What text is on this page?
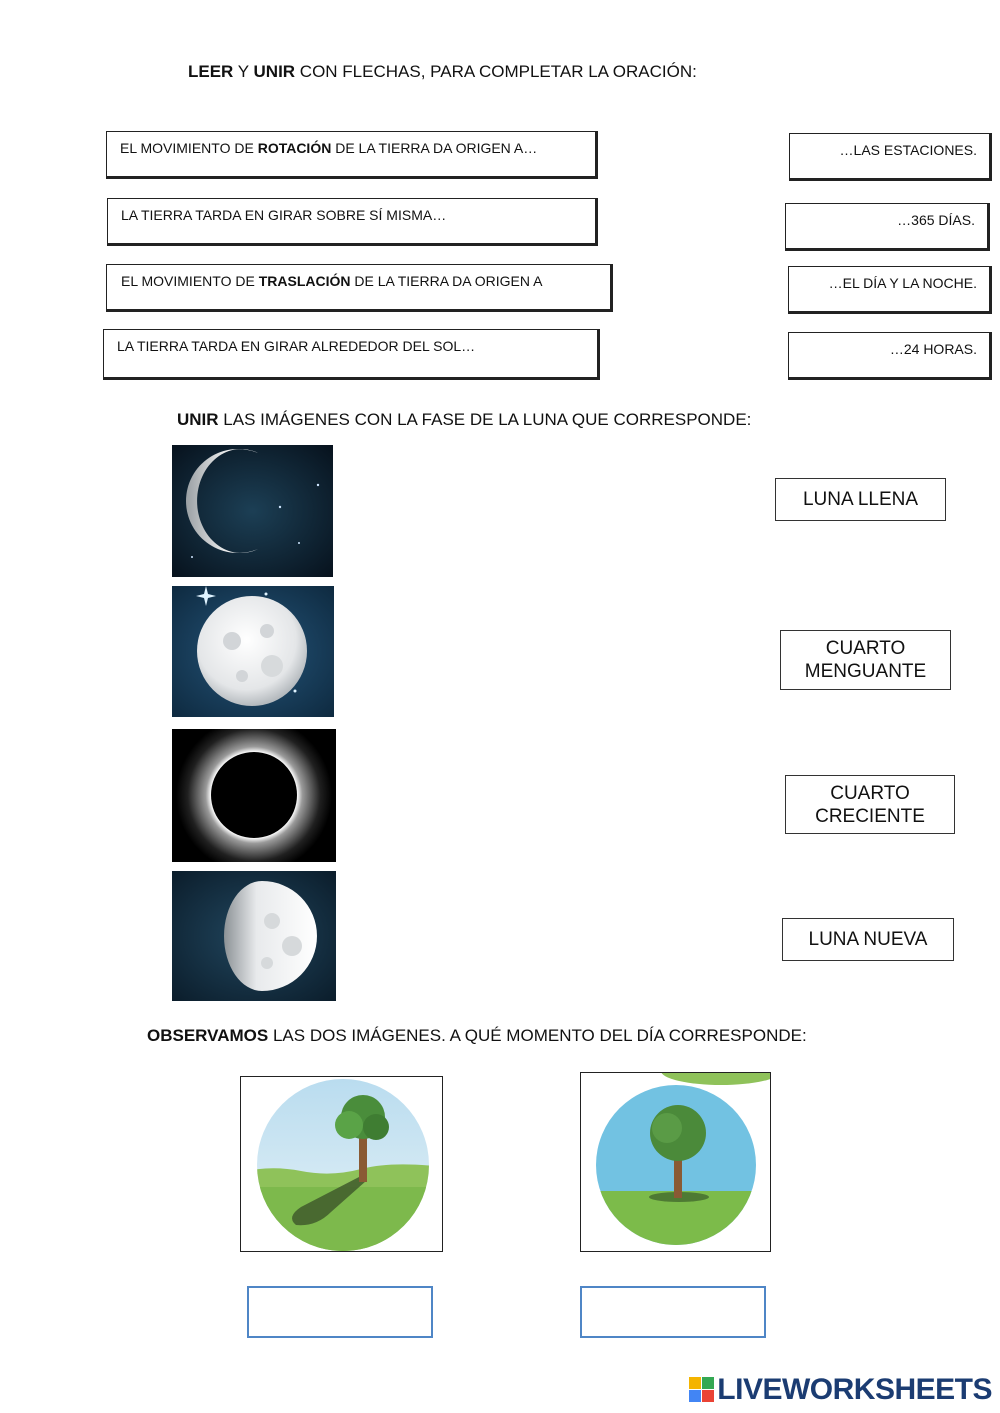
LEER Y UNIR CON FLECHAS, PARA COMPLETAR LA ORACIÓN:
EL MOVIMIENTO DE ROTACIÓN DE LA TIERRA DA ORIGEN A…
LA TIERRA TARDA EN GIRAR SOBRE SÍ MISMA…
EL MOVIMIENTO DE TRASLACIÓN DE LA TIERRA DA ORIGEN A
LA TIERRA TARDA EN GIRAR ALREDEDOR DEL SOL…
…LAS ESTACIONES.
…365 DÍAS.
…EL DÍA Y LA NOCHE.
…24 HORAS.
UNIR LAS IMÁGENES CON LA FASE DE LA LUNA QUE CORRESPONDE:
LUNA LLENA
CUARTO
MENGUANTE
CUARTO
CRECIENTE
LUNA NUEVA
OBSERVAMOS LAS DOS IMÁGENES. A QUÉ MOMENTO DEL DÍA CORRESPONDE:
LIVEWORKSHEETS
